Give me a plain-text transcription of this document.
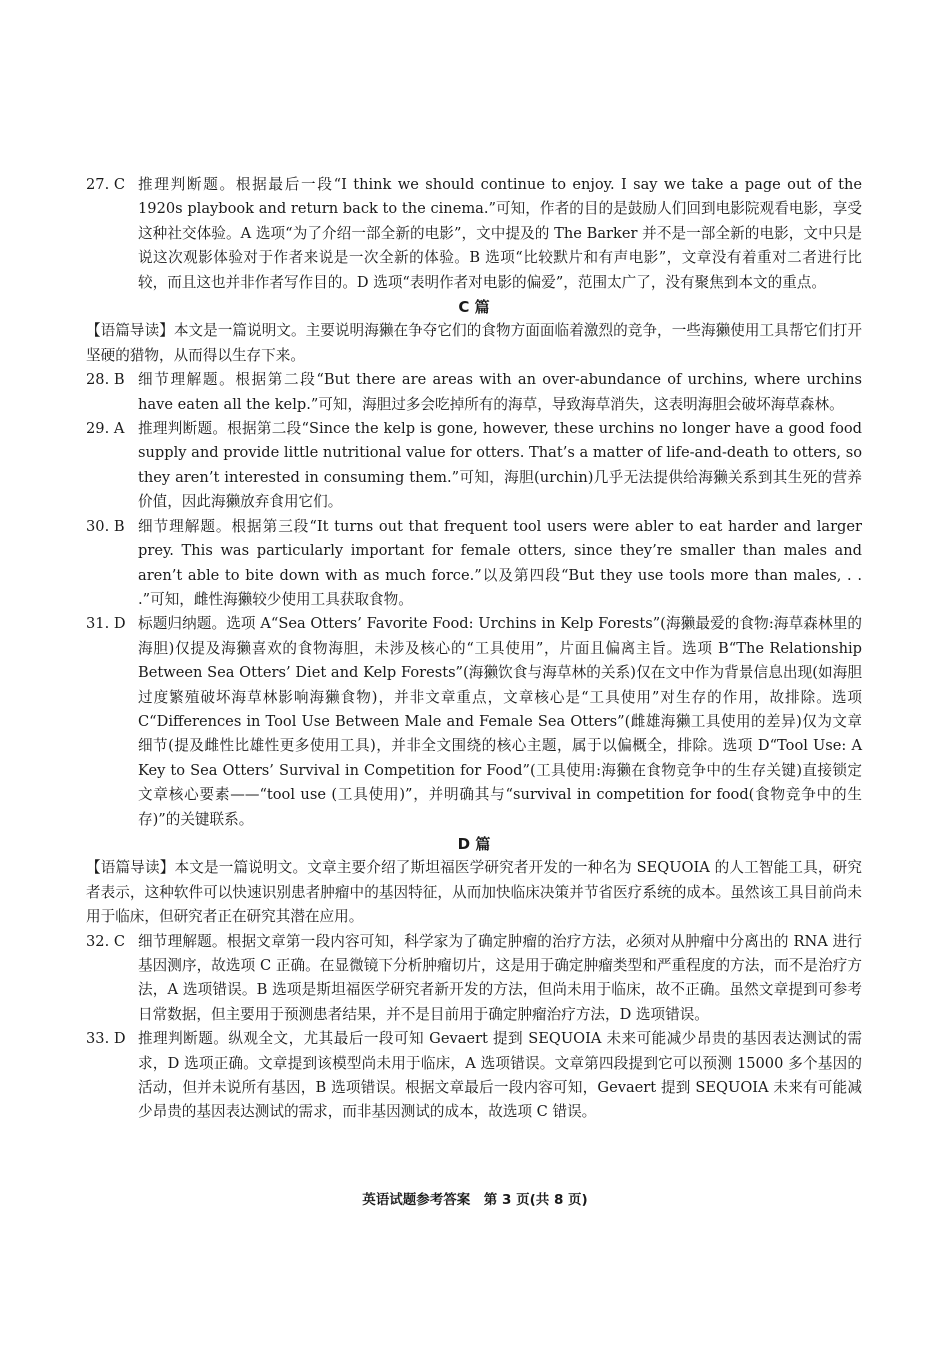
27. C 推理判断题。根据最后一段“I think we should continue to enjoy. I say we take a page out of the 1920s playbook and return back to the cinema.”可知，作者的目的是鼓励人们回到电影院观看电影，享受这种社交体验。A 选项“为了介绍一部全新的电影”，文中提及的 The Barker 并不是一部全新的电影，文中只是说这次观影体验对于作者来说是一次全新的体验。B 选项“比较默片和有声电影”，文章没有着重对二者进行比较，而且这也并非作者写作目的。D 选项“表明作者对电影的偏爱”，范围太广了，没有聚焦到本文的重点。
C 篇
【语篇导读】本文是一篇说明文。主要说明海獭在争夺它们的食物方面面临着激烈的竞争，一些海獭使用工具帮它们打开坚硬的猎物，从而得以生存下来。
28. B 细节理解题。根据第二段“But there are areas with an over-abundance of urchins, where urchins have eaten all the kelp.”可知，海胆过多会吃掉所有的海草，导致海草消失，这表明海胆会破坏海草森林。
29. A 推理判断题。根据第二段“Since the kelp is gone, however, these urchins no longer have a good food supply and provide little nutritional value for otters. That’s a matter of life-and-death to otters, so they aren’t interested in consuming them.”可知，海胆(urchin)几乎无法提供给海獭关系到其生死的营养价值，因此海獭放弃食用它们。
30. B 细节理解题。根据第三段“It turns out that frequent tool users were abler to eat harder and larger prey. This was particularly important for female otters, since they’re smaller than males and aren’t able to bite down with as much force.”以及第四段“But they use tools more than males, . . .”可知，雌性海獭较少使用工具获取食物。
31. D 标题归纳题。选项 A“Sea Otters’ Favorite Food: Urchins in Kelp Forests”(海獭最爱的食物:海草森林里的海胆)仅提及海獭喜欢的食物海胆，未涉及核心的“工具使用”，片面且偏离主旨。选项 B“The Relationship Between Sea Otters’ Diet and Kelp Forests”(海獭饮食与海草林的关系)仅在文中作为背景信息出现(如海胆过度繁殖破坏海草林影响海獭食物)，并非文章重点，文章核心是“工具使用”对生存的作用，故排除。选项 C“Differences in Tool Use Between Male and Female Sea Otters”(雌雄海獭工具使用的差异)仅为文章细节(提及雌性比雄性更多使用工具)，并非全文围绕的核心主题，属于以偏概全，排除。选项 D“Tool Use: A Key to Sea Otters’ Survival in Competition for Food”(工具使用:海獭在食物竞争中的生存关键)直接锁定文章核心要素——“tool use (工具使用)”，并明确其与“survival in competition for food(食物竞争中的生存)”的关键联系。
D 篇
【语篇导读】本文是一篇说明文。文章主要介绍了斯坦福医学研究者开发的一种名为 SEQUOIA 的人工智能工具，研究者表示，这种软件可以快速识别患者肿瘤中的基因特征，从而加快临床决策并节省医疗系统的成本。虽然该工具目前尚未用于临床，但研究者正在研究其潜在应用。
32. C 细节理解题。根据文章第一段内容可知，科学家为了确定肿瘤的治疗方法，必须对从肿瘤中分离出的 RNA 进行基因测序，故选项 C 正确。在显微镜下分析肿瘤切片，这是用于确定肿瘤类型和严重程度的方法，而不是治疗方法，A 选项错误。B 选项是斯坦福医学研究者新开发的方法，但尚未用于临床，故不正确。虽然文章提到可参考日常数据，但主要用于预测患者结果，并不是目前用于确定肿瘤治疗方法，D 选项错误。
33. D 推理判断题。纵观全文，尤其最后一段可知 Gevaert 提到 SEQUOIA 未来可能减少昂贵的基因表达测试的需求，D 选项正确。文章提到该模型尚未用于临床，A 选项错误。文章第四段提到它可以预测 15000 多个基因的活动，但并未说所有基因，B 选项错误。根据文章最后一段内容可知，Gevaert 提到 SEQUOIA 未来有可能减少昂贵的基因表达测试的需求，而非基因测试的成本，故选项 C 错误。
英语试题参考答案　第 3 页(共 8 页)
